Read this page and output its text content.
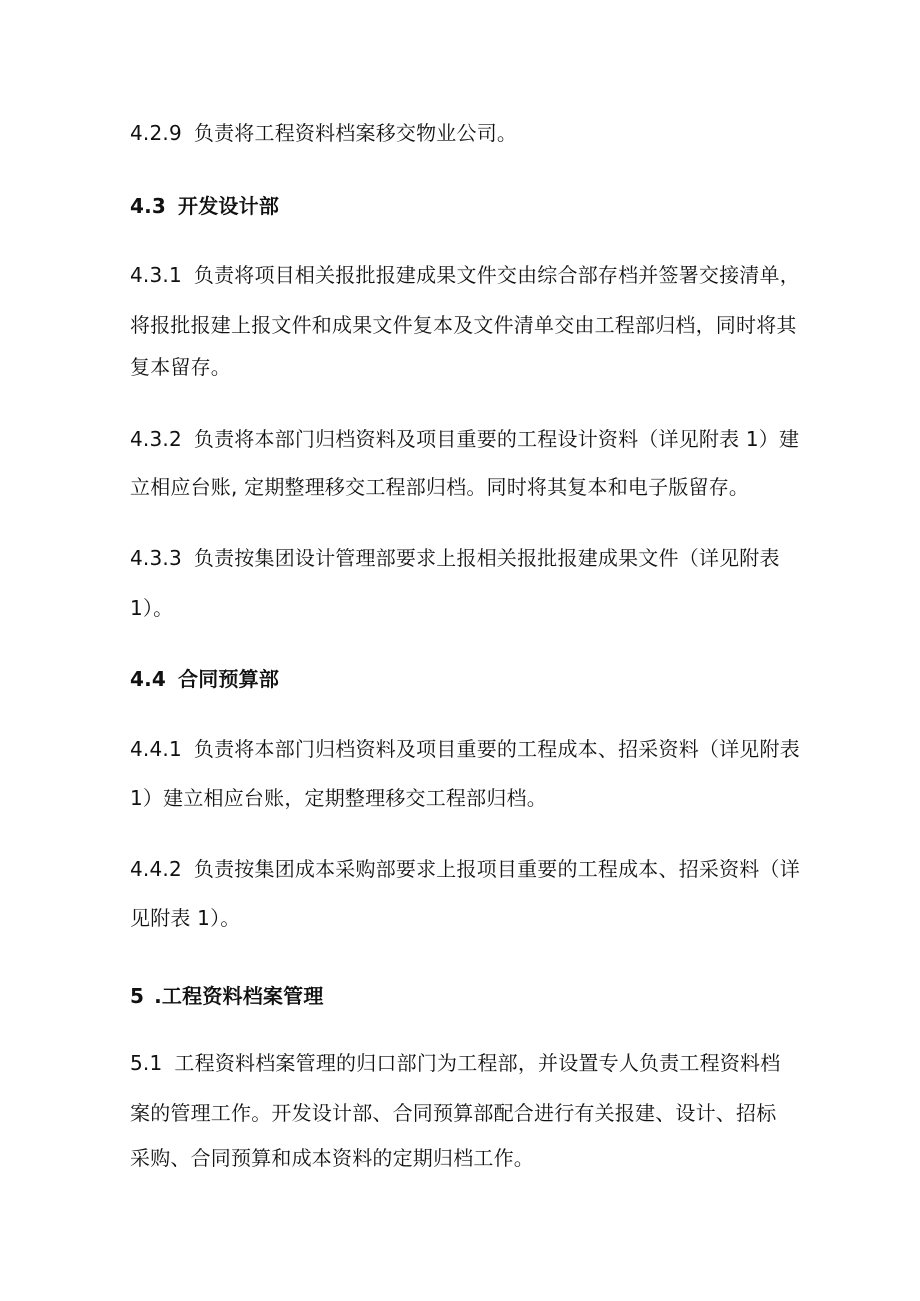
4.2.9 负责将工程资料档案移交物业公司。
4.3 开发设计部
4.3.1 负责将项目相关报批报建成果文件交由综合部存档并签署交接清单，
将报批报建上报文件和成果文件复本及文件清单交由工程部归档，同时将其
复本留存。
4.3.2 负责将本部门归档资料及项目重要的工程设计资料（详见附表 1）建
立相应台账, 定期整理移交工程部归档。同时将其复本和电子版留存。
4.3.3 负责按集团设计管理部要求上报相关报批报建成果文件（详见附表
1）。
4.4 合同预算部
4.4.1 负责将本部门归档资料及项目重要的工程成本、招采资料（详见附表
1）建立相应台账，定期整理移交工程部归档。
4.4.2 负责按集团成本采购部要求上报项目重要的工程成本、招采资料（详
见附表 1）。
5 .工程资料档案管理
5.1 工程资料档案管理的归口部门为工程部，并设置专人负责工程资料档
案的管理工作。开发设计部、合同预算部配合进行有关报建、设计、招标
采购、合同预算和成本资料的定期归档工作。
